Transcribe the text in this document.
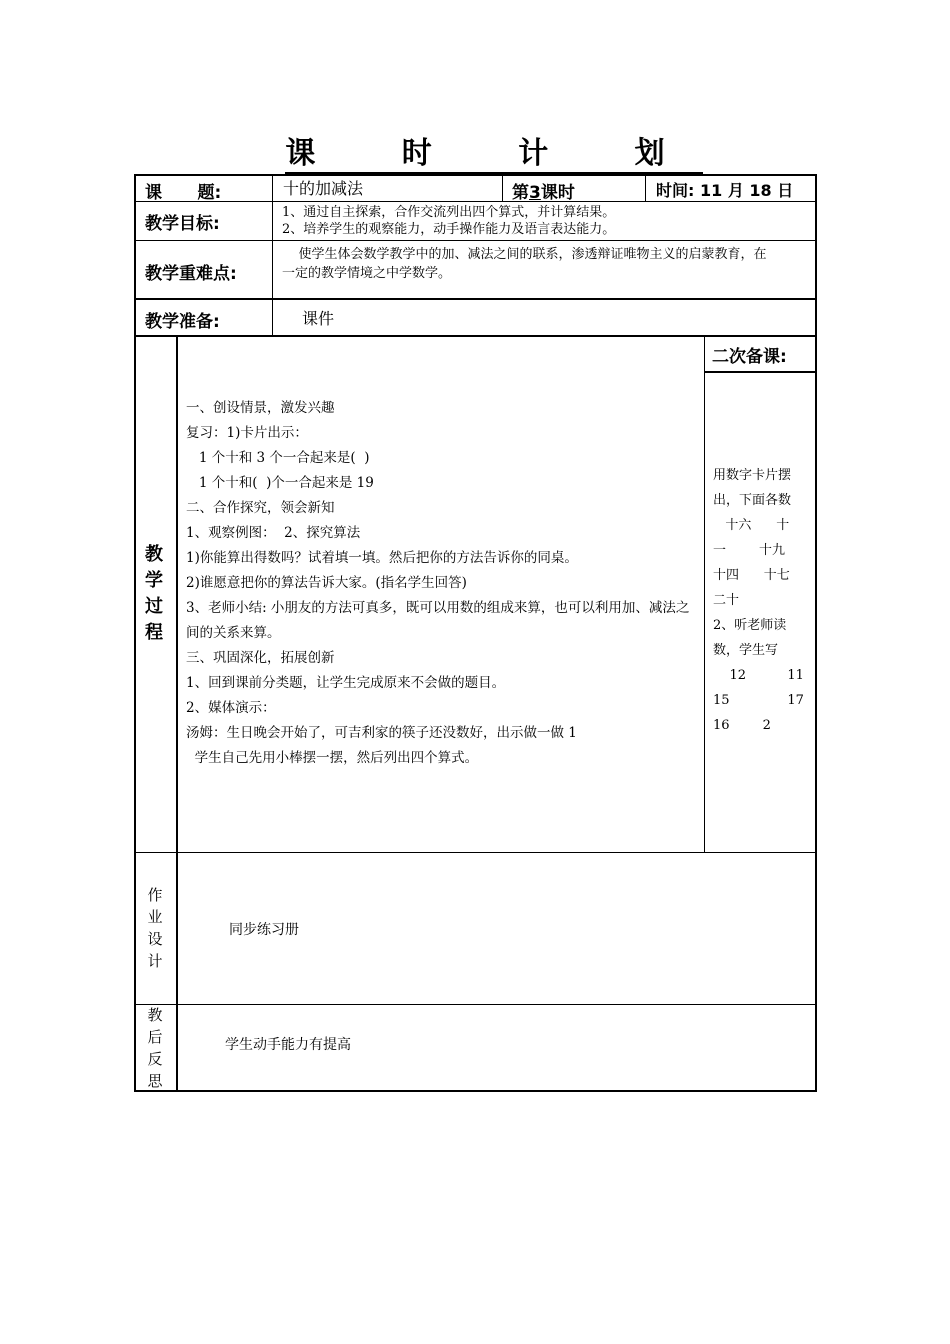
课 时 计 划
课      题:	十的加减法	第3课时	时间: 11 月 18 日
教学目标:
1、通过自主探索，合作交流列出四个算式，并计算结果。
2、培养学生的观察能力，动手操作能力及语言表达能力。
教学重难点:
使学生体会数学教学中的加、减法之间的联系，渗透辩证唯物主义的启蒙教育，在
一定的教学情境之中学数学。
教学准备:	课件
教
学
过
程
一、创设情景，激发兴趣
复习：1)卡片出示：
1 个十和 3 个一合起来是(  )
1 个十和(  )个一合起来是 19
二、合作探究，领会新知
1、观察例图：  2、探究算法
1)你能算出得数吗？试着填一填。然后把你的方法告诉你的同桌。
2)谁愿意把你的算法告诉大家。(指名学生回答)
3、老师小结: 小朋友的方法可真多，既可以用数的组成来算，也可以利用加、减法之
间的关系来算。
三、巩固深化，拓展创新
1、回到课前分类题，让学生完成原来不会做的题目。
2、媒体演示：
汤姆：生日晚会开始了，可吉利家的筷子还没数好，出示做一做 1
学生自己先用小棒摆一摆，然后列出四个算式。
二次备课:
用数字卡片摆
出，下面各数
十六      十
一        十九
十四      十七
二十
2、听老师读
数，学生写
12          11
15              17
16        2
作
业
设
计
同步练习册
教
后
反
思
学生动手能力有提高
